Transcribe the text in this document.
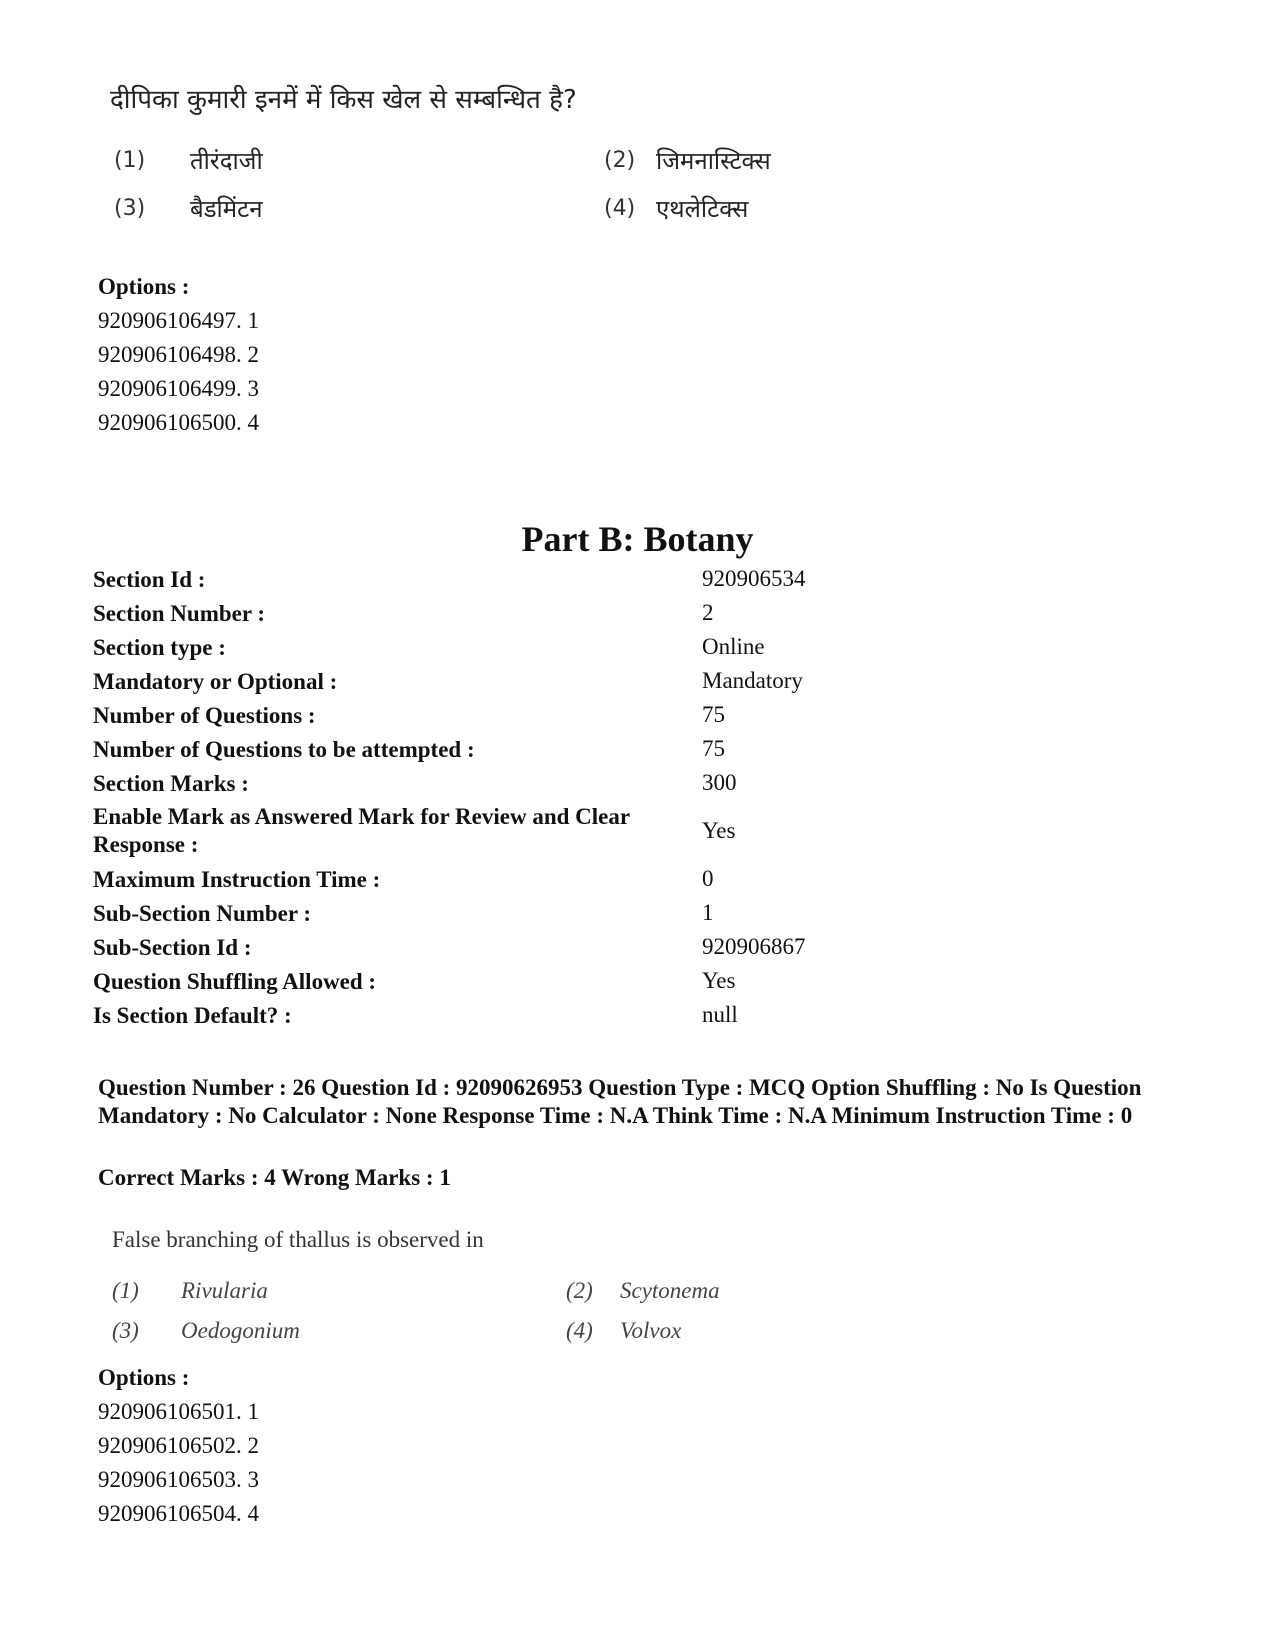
दीपिका कुमारी इनमें में किस खेल से सम्बन्धित है?
(1) तीरंदाजी	(2) जिमनास्टिक्स
(3) बैडमिंटन	(4) एथलेटिक्स
Options :
920906106497. 1
920906106498. 2
920906106499. 3
920906106500. 4
Part B: Botany
Section Id :	920906534
Section Number :	2
Section type :	Online
Mandatory or Optional :	Mandatory
Number of Questions :	75
Number of Questions to be attempted :	75
Section Marks :	300
Enable Mark as Answered Mark for Review and Clear Response :
Yes
Maximum Instruction Time :	0
Sub-Section Number :	1
Sub-Section Id :	920906867
Question Shuffling Allowed :	Yes
Is Section Default? :	null
Question Number : 26 Question Id : 92090626953 Question Type : MCQ Option Shuffling : No Is Question Mandatory : No Calculator : None Response Time : N.A Think Time : N.A Minimum Instruction Time : 0
Correct Marks : 4 Wrong Marks : 1
False branching of thallus is observed in
(1) Rivularia	(2) Scytonema
(3) Oedogonium	(4) Volvox
Options :
920906106501. 1
920906106502. 2
920906106503. 3
920906106504. 4
